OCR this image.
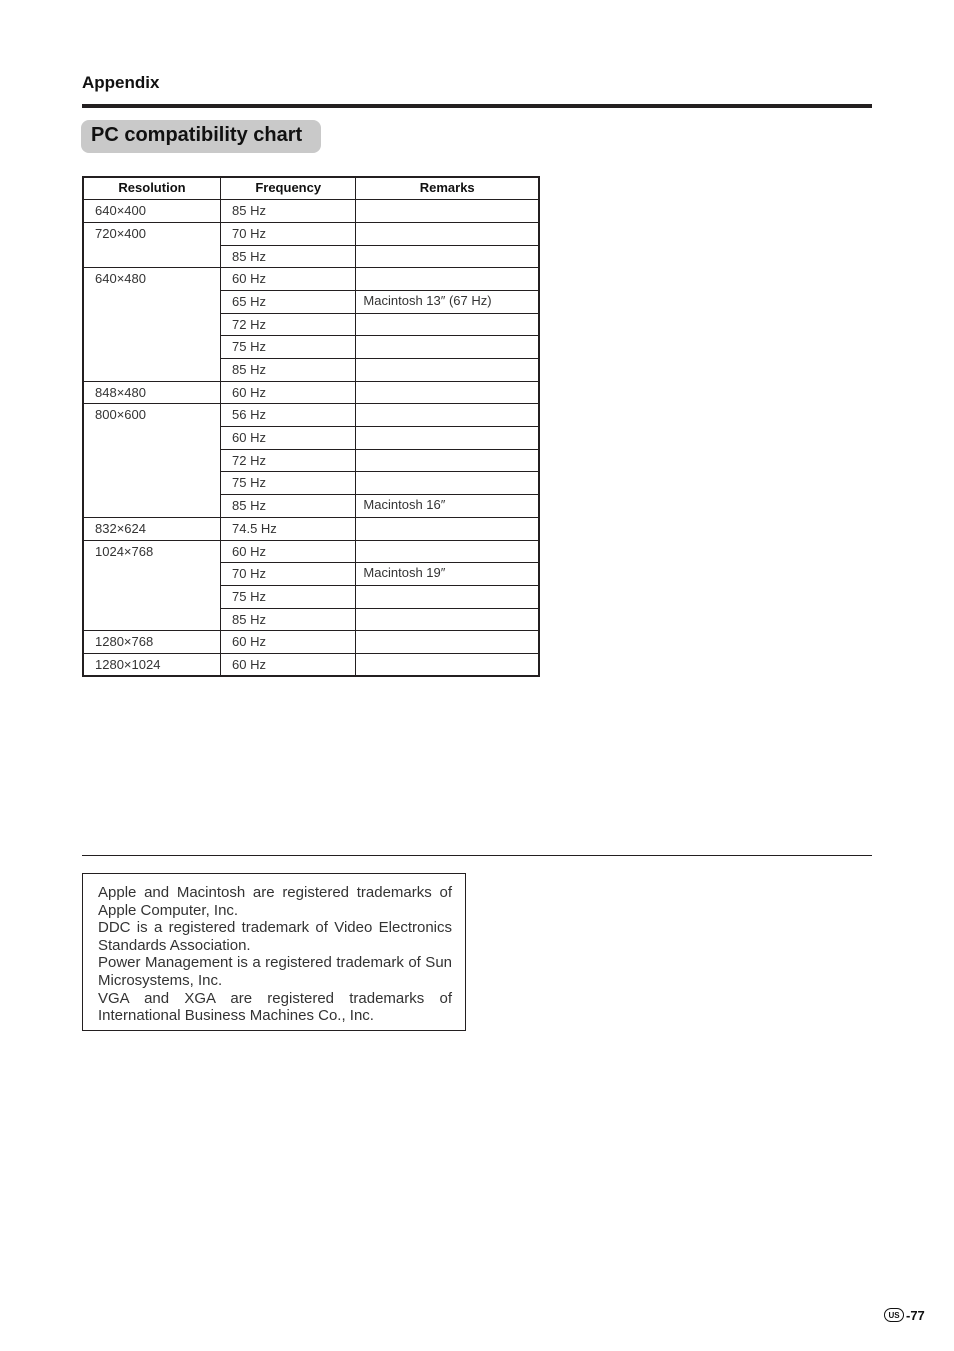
Appendix
PC compatibility chart
Resolution	Frequency	Remarks
640×400	85 Hz	
720×400	70 Hz	
	85 Hz	
640×480	60 Hz	
	65 Hz	Macintosh 13″ (67 Hz)
	72 Hz	
	75 Hz	
	85 Hz	
848×480	60 Hz	
800×600	56 Hz	
	60 Hz	
	72 Hz	
	75 Hz	
	85 Hz	Macintosh 16″
832×624	74.5 Hz	
1024×768	60 Hz	
	70 Hz	Macintosh 19″
	75 Hz	
	85 Hz	
1280×768	60 Hz	
1280×1024	60 Hz	

Apple and Macintosh are registered trademarks of Apple Computer, Inc.

DDC is a registered trademark of Video Electronics Standards Association.

Power Management is a registered trademark of Sun Microsystems, Inc.

VGA and XGA are registered trademarks of International Business Machines Co., Inc.

US -77
